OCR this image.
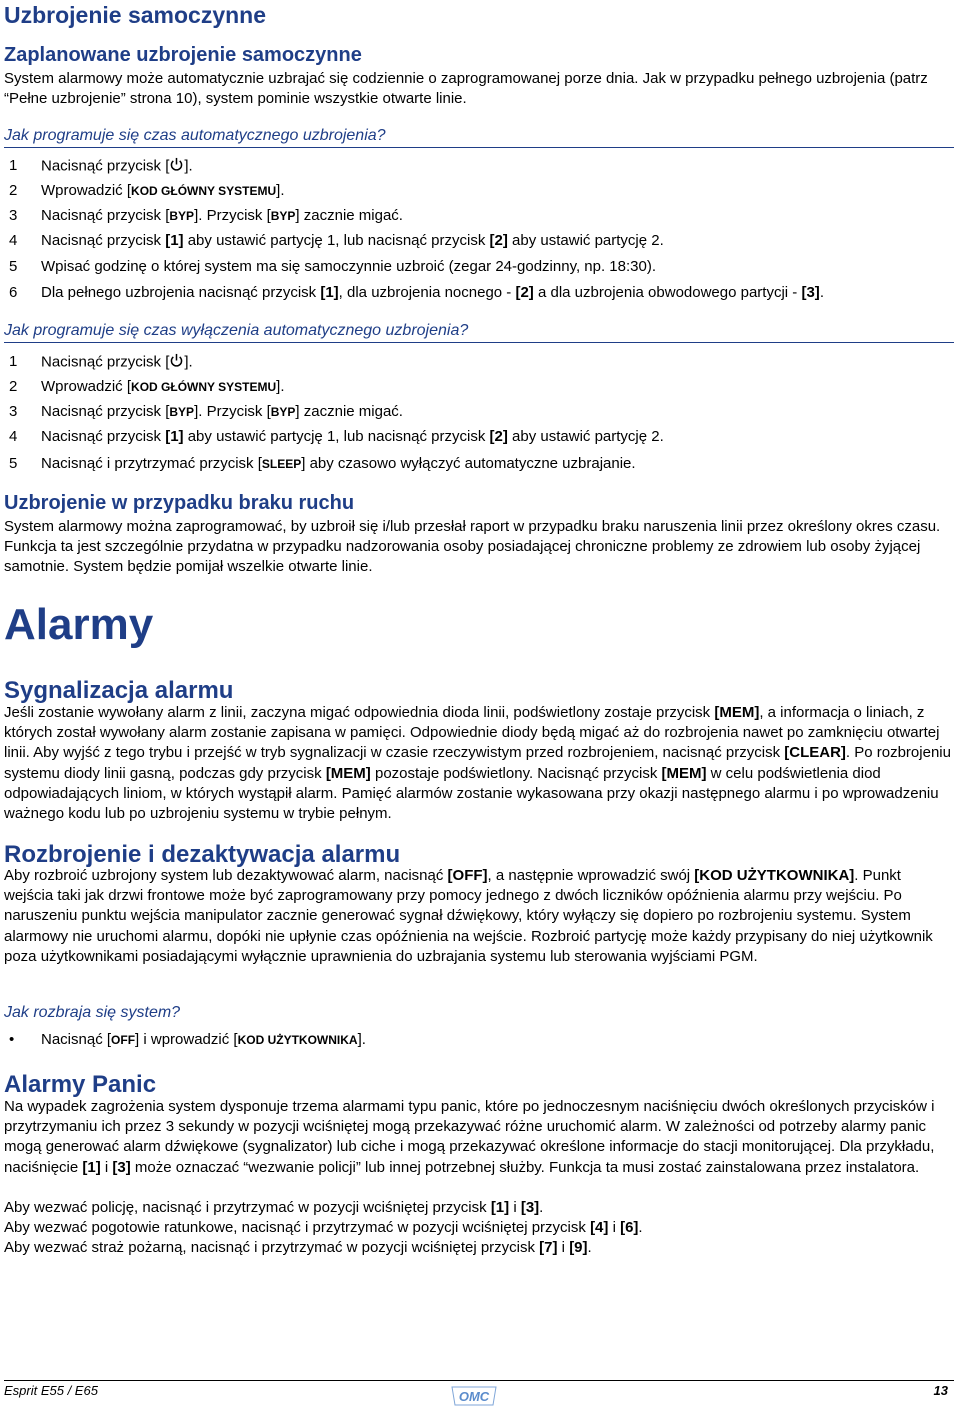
Uzbrojenie samoczynne
Zaplanowane uzbrojenie samoczynne
System alarmowy może automatycznie uzbrajać się codziennie o zaprogramowanej porze dnia. Jak w przypadku pełnego uzbrojenia (patrz “Pełne uzbrojenie” strona 10), system pominie wszystkie otwarte linie.
Jak programuje się czas automatycznego uzbrojenia?
1 Nacisnąć przycisk [ ].
2 Wprowadzić [KOD GŁÓWNY SYSTEMU].
3 Nacisnąć przycisk [BYP]. Przycisk [BYP] zacznie migać.
4 Nacisnąć przycisk [1] aby ustawić partycję 1, lub nacisnąć przycisk [2] aby ustawić partycję 2.
5 Wpisać godzinę o której system ma się samoczynnie uzbroić (zegar 24-godzinny, np. 18:30).
6 Dla pełnego uzbrojenia nacisnąć przycisk [1], dla uzbrojenia nocnego - [2] a dla uzbrojenia obwodowego partycji - [3].
Jak programuje się czas wyłączenia automatycznego uzbrojenia?
1 Nacisnąć przycisk [ ].
2 Wprowadzić [KOD GŁÓWNY SYSTEMU].
3 Nacisnąć przycisk [BYP]. Przycisk [BYP] zacznie migać.
4 Nacisnąć przycisk [1] aby ustawić partycję 1, lub nacisnąć przycisk [2] aby ustawić partycję 2.
5 Nacisnąć i przytrzymać przycisk [SLEEP] aby czasowo wyłączyć automatyczne uzbrajanie.
Uzbrojenie w przypadku braku ruchu
System alarmowy można zaprogramować, by uzbroił się i/lub przesłał raport w przypadku braku naruszenia linii przez określony okres czasu. Funkcja ta jest szczególnie przydatna w przypadku nadzorowania osoby posiadającej chroniczne problemy ze zdrowiem lub osoby żyjącej samotnie. System będzie pomijał wszelkie otwarte linie.
Alarmy
Sygnalizacja alarmu
Jeśli zostanie wywołany alarm z linii, zaczyna migać odpowiednia dioda linii, podświetlony zostaje przycisk [MEM], a informacja o liniach, z których został wywołany alarm zostanie zapisana w pamięci. Odpowiednie diody będą migać aż do rozbrojenia nawet po zamknięciu otwartej linii. Aby wyjść z tego trybu i przejść w tryb sygnalizacji w czasie rzeczywistym przed rozbrojeniem, nacisnąć przycisk [CLEAR]. Po rozbrojeniu systemu diody linii gasną, podczas gdy przycisk [MEM] pozostaje podświetlony. Nacisnąć przycisk [MEM] w celu podświetlenia diod odpowiadających liniom, w których wystąpił alarm. Pamięć alarmów zostanie wykasowana przy okazji następnego alarmu i po wprowadzeniu ważnego kodu lub po uzbrojeniu systemu w trybie pełnym.
Rozbrojenie i dezaktywacja alarmu
Aby rozbroić uzbrojony system lub dezaktywować alarm, nacisnąć [OFF], a następnie wprowadzić swój [KOD UŻYTKOWNIKA]. Punkt wejścia taki jak drzwi frontowe może być zaprogramowany przy pomocy jednego z dwóch liczników opóźnienia alarmu przy wejściu. Po naruszeniu punktu wejścia manipulator zacznie generować sygnał dźwiękowy, który wyłączy się dopiero po rozbrojeniu systemu. System alarmowy nie uruchomi alarmu, dopóki nie upłynie czas opóźnienia na wejście. Rozbroić partycję może każdy przypisany do niej użytkownik poza użytkownikami posiadającymi wyłącznie uprawnienia do uzbrajania systemu lub sterowania wyjściami PGM.
Jak rozbraja się system?
• Nacisnąć [OFF] i wprowadzić [KOD UŻYTKOWNIKA].
Alarmy Panic
Na wypadek zagrożenia system dysponuje trzema alarmami typu panic, które po jednoczesnym naciśnięciu dwóch określonych przycisków i przytrzymaniu ich przez 3 sekundy w pozycji wciśniętej mogą przekazywać różne uruchomić alarm. W zależności od potrzeby alarmy panic mogą generować alarm dźwiękowe (sygnalizator) lub ciche i mogą przekazywać określone informacje do stacji monitorującej. Dla przykładu, naciśnięcie [1] i [3] może oznaczać “wezwanie policji” lub innej potrzebnej służby. Funkcja ta musi zostać zainstalowana przez instalatora.
Aby wezwać policję, nacisnąć i przytrzymać w pozycji wciśniętej przycisk [1] i [3].
Aby wezwać pogotowie ratunkowe, nacisnąć i przytrzymać w pozycji wciśniętej przycisk [4] i [6].
Aby wezwać straż pożarną, nacisnąć i przytrzymać w pozycji wciśniętej przycisk [7] i [9].
Esprit E55 / E65	OMC	13
